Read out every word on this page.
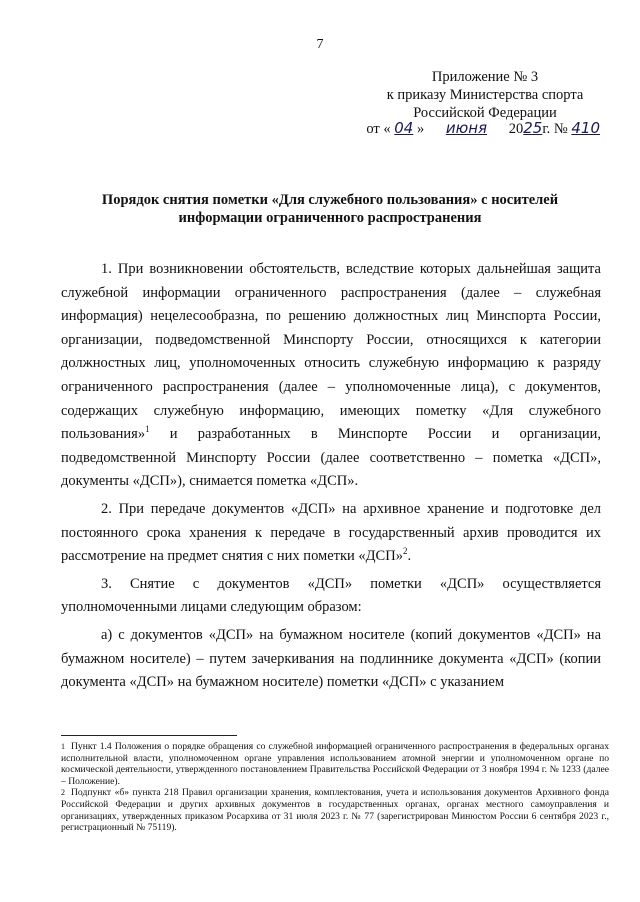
7
Приложение № 3
к приказу Министерства спорта
Российской Федерации
от « 04 » июня 2025г. № 410
Порядок снятия пометки «Для служебного пользования» с носителей информации ограниченного распространения

1. При возникновении обстоятельств, вследствие которых дальнейшая защита служебной информации ограниченного распространения (далее – служебная информация) нецелесообразна, по решению должностных лиц Минспорта России, организации, подведомственной Минспорту России, относящихся к категории должностных лиц, уполномоченных относить служебную информацию к разряду ограниченного распространения (далее – уполномоченные лица), с документов, содержащих служебную информацию, имеющих пометку «Для служебного пользования»$^1$ и разработанных в Минспорте России и организации, подведомственной Минспорту России (далее соответственно – пометка «ДСП», документы «ДСП»), снимается пометка «ДСП».

2. При передаче документов «ДСП» на архивное хранение и подготовке дел постоянного срока хранения к передаче в государственный архив проводится их рассмотрение на предмет снятия с них пометки «ДСП»$^2$.

3. Снятие с документов «ДСП» пометки «ДСП» осуществляется уполномоченными лицами следующим образом:

а) с документов «ДСП» на бумажном носителе (копий документов «ДСП» на бумажном носителе) – путем зачеркивания на подлиннике документа «ДСП» (копии документа «ДСП» на бумажном носителе) пометки «ДСП» с указанием

$^1$ Пункт 1.4 Положения о порядке обращения со служебной информацией ограниченного распространения в федеральных органах исполнительной власти, уполномоченном органе управления использованием атомной энергии и уполномоченном органе по космической деятельности, утвержденного постановлением Правительства Российской Федерации от 3 ноября 1994 г. № 1233 (далее – Положение).

$^2$ Подпункт «б» пункта 218 Правил организации хранения, комплектования, учета и использования документов Архивного фонда Российской Федерации и других архивных документов в государственных органах, органах местного самоуправления и организациях, утвержденных приказом Росархива от 31 июля 2023 г. № 77 (зарегистрирован Минюстом России 6 сентября 2023 г., регистрационный № 75119).
